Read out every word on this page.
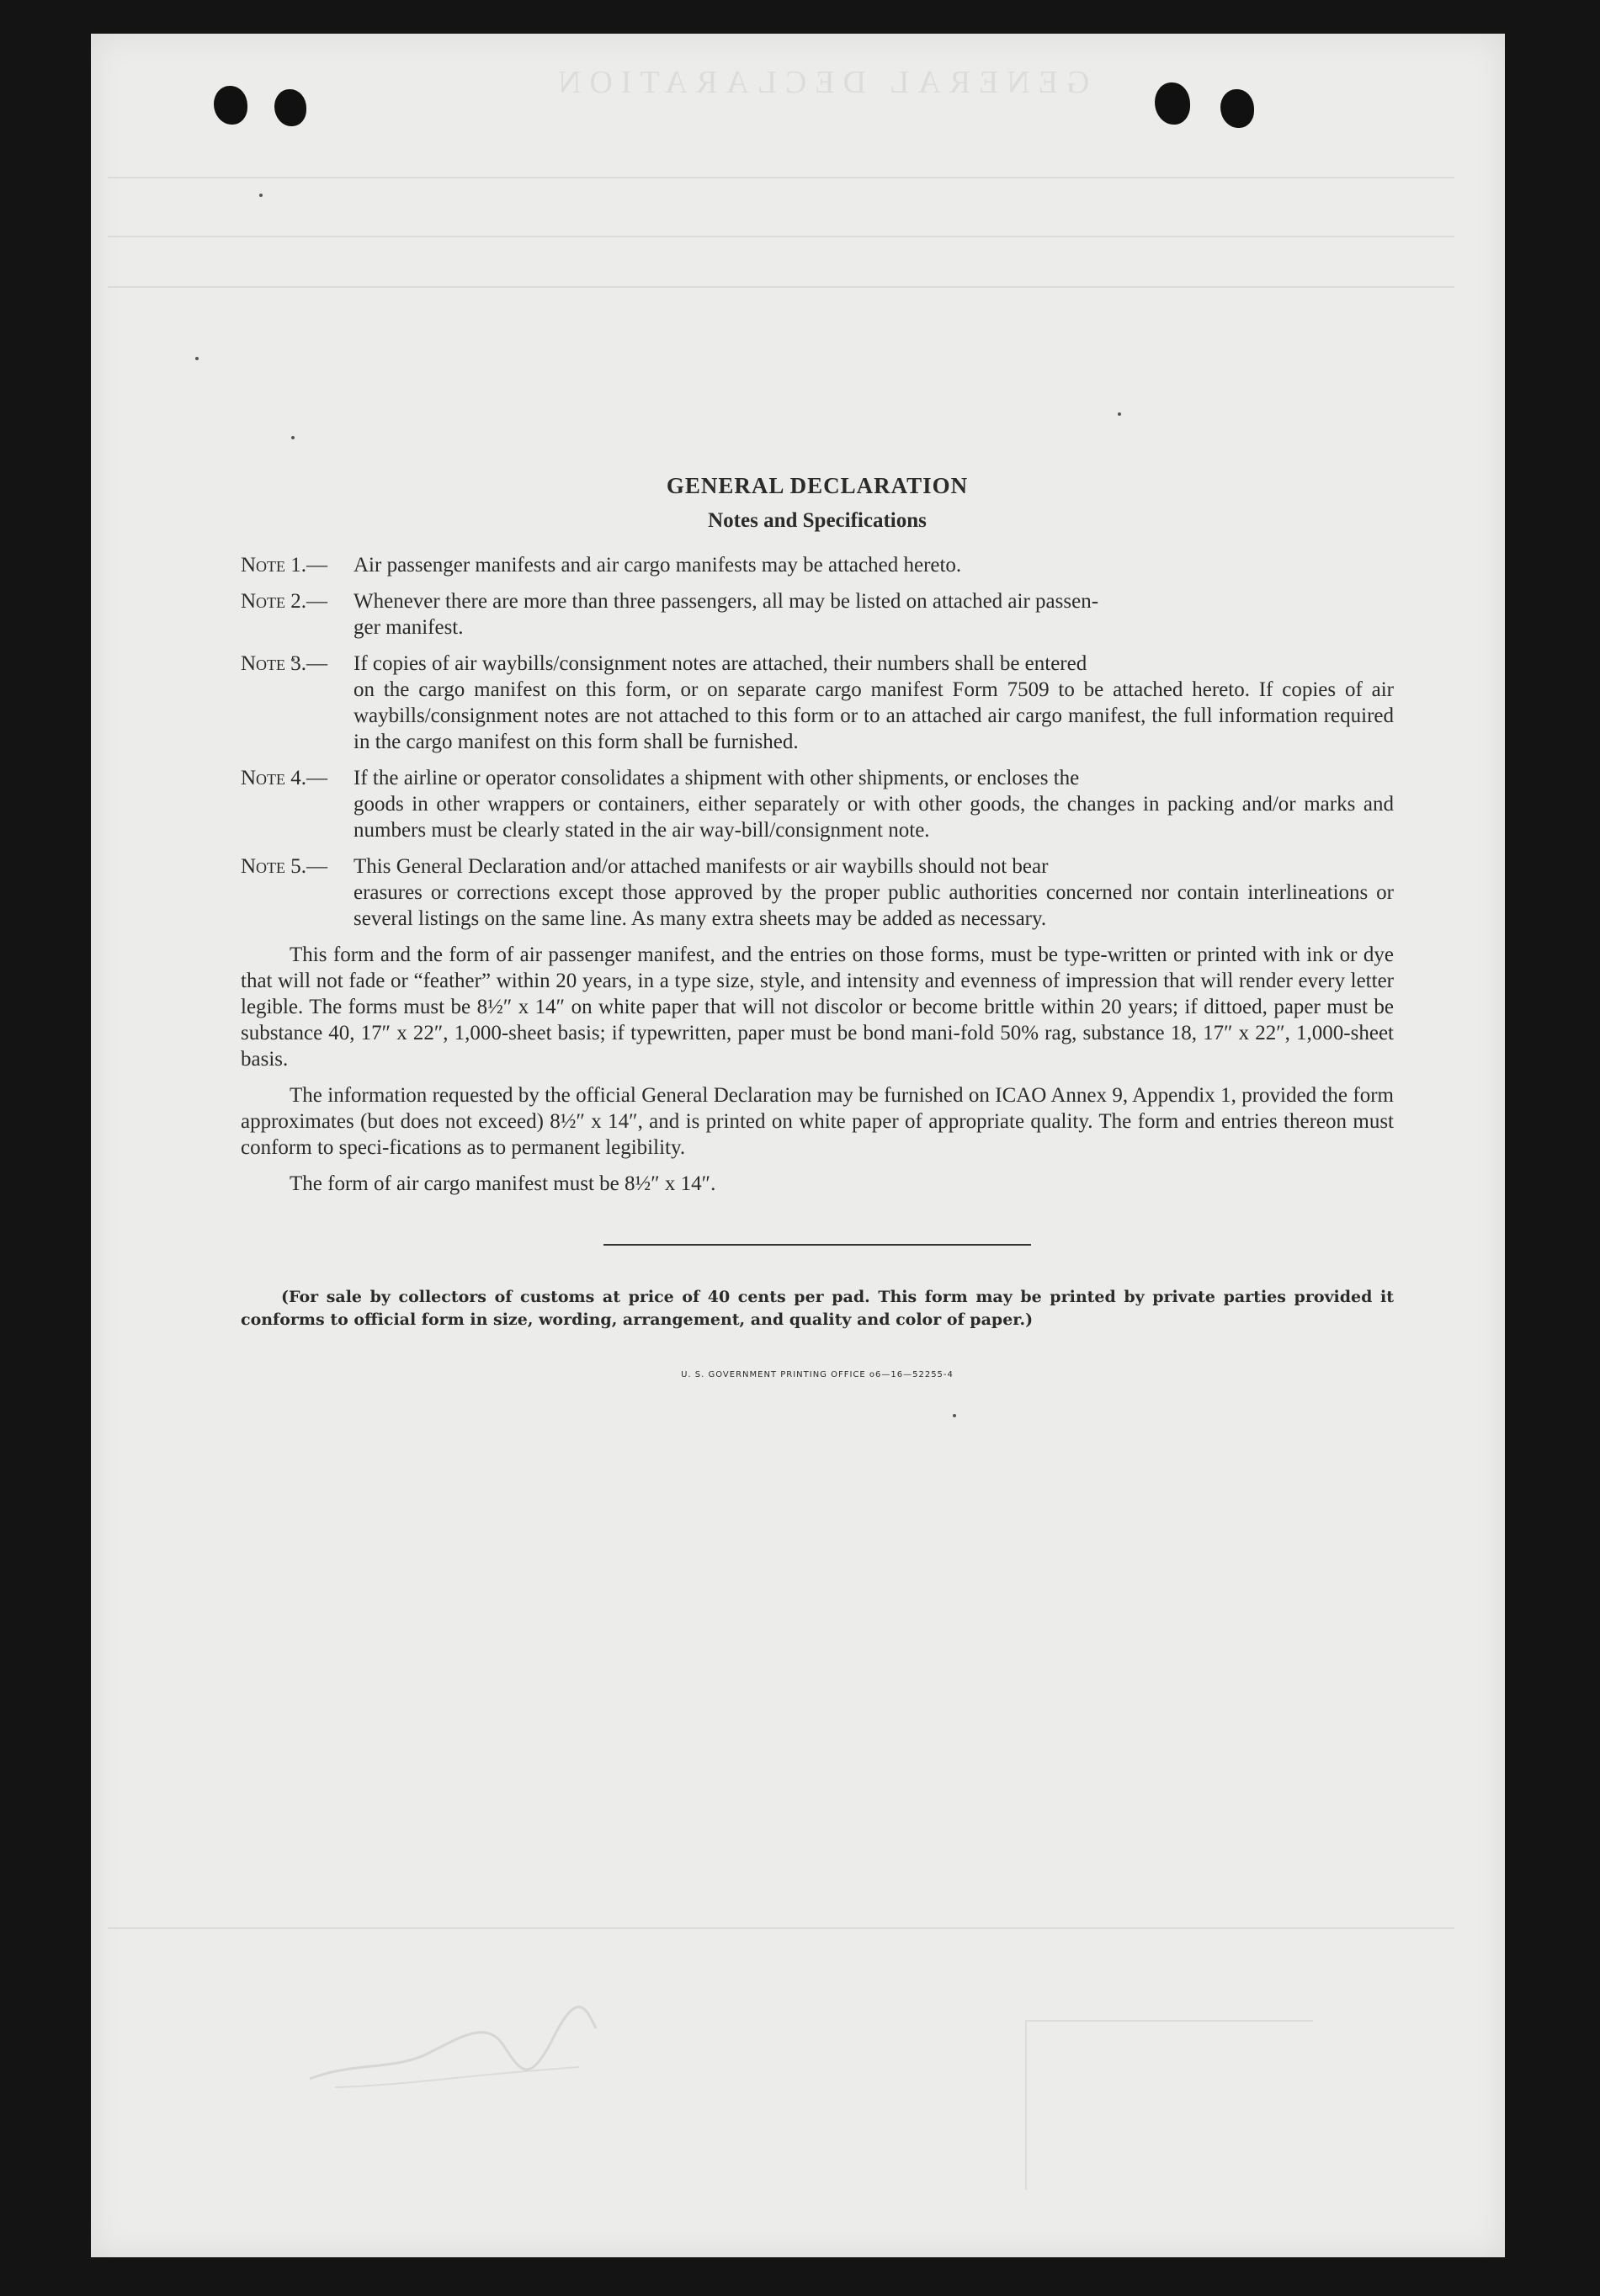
GENERAL DECLARATION
GENERAL DECLARATION
Notes and Specifications
Note 1.—	Air passenger manifests and air cargo manifests may be attached hereto.
Note 2.—	Whenever there are more than three passengers, all may be listed on attached air passen-
ger manifest.
Note 3.—	If copies of air waybills/consignment notes are attached, their numbers shall be entered
on the cargo manifest on this form, or on separate cargo manifest Form 7509 to be attached hereto. If copies of air waybills/consignment notes are not attached to this form or to an attached air cargo manifest, the full information required in the cargo manifest on this form shall be furnished.
Note 4.—	If the airline or operator consolidates a shipment with other shipments, or encloses the
goods in other wrappers or containers, either separately or with other goods, the changes in packing and/or marks and numbers must be clearly stated in the air way-bill/consignment note.
Note 5.—	This General Declaration and/or attached manifests or air waybills should not bear
erasures or corrections except those approved by the proper public authorities concerned nor contain interlineations or several listings on the same line. As many extra sheets may be added as necessary.

This form and the form of air passenger manifest, and the entries on those forms, must be type-written or printed with ink or dye that will not fade or “feather” within 20 years, in a type size, style, and intensity and evenness of impression that will render every letter legible. The forms must be 8½″ x 14″ on white paper that will not discolor or become brittle within 20 years; if dittoed, paper must be substance 40, 17″ x 22″, 1,000-sheet basis; if typewritten, paper must be bond mani-fold 50% rag, substance 18, 17″ x 22″, 1,000-sheet basis.

The information requested by the official General Declaration may be furnished on ICAO Annex 9, Appendix 1, provided the form approximates (but does not exceed) 8½″ x 14″, and is printed on white paper of appropriate quality. The form and entries thereon must conform to speci-fications as to permanent legibility.

The form of air cargo manifest must be 8½″ x 14″.

(For sale by collectors of customs at price of 40 cents per pad. This form may be printed by private parties provided it conforms to official form in size, wording, arrangement, and quality and color of paper.)

U. S. GOVERNMENT PRINTING OFFICE o6—16—52255-4
